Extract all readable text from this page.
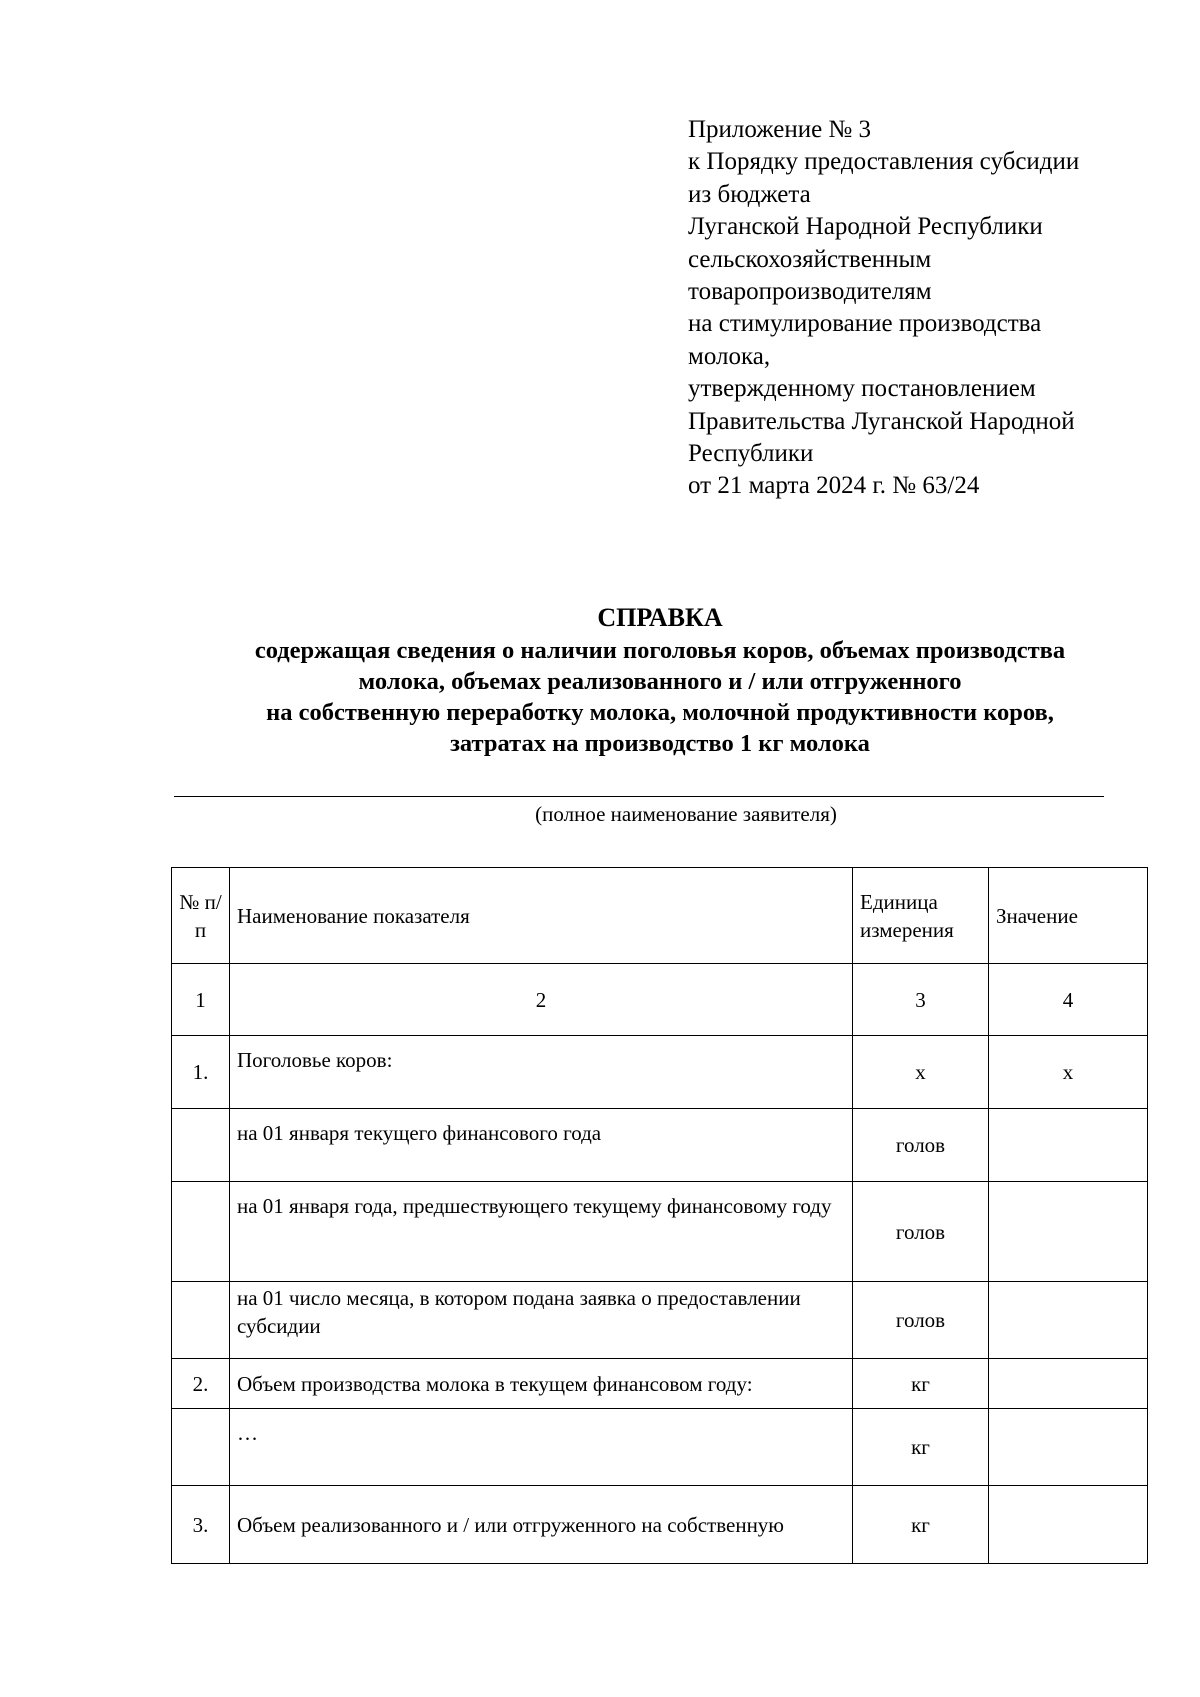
Приложение № 3
к Порядку предоставления субсидии
из бюджета
Луганской Народной Республики
сельскохозяйственным
товаропроизводителям
на стимулирование производства
молока,
утвержденному постановлением
Правительства Луганской Народной
Республики
от 21 марта 2024 г. № 63/24
СПРАВКА
содержащая сведения о наличии поголовья коров, объемах производства
молока, объемах реализованного и / или отгруженного
на собственную переработку молока, молочной продуктивности коров,
затратах на производство 1 кг молока
(полное наименование заявителя)
№ п/п	Наименование показателя	Единица измерения	Значение
1	2	3	4
1.	Поголовье коров:	х	х
	на 01 января текущего финансового года	голов	
	на 01 января года, предшествующего текущему финансовому году	голов	
	на 01 число месяца, в котором подана заявка о предоставлении субсидии	голов	
2.	Объем производства молока в текущем финансовом году:	кг	
	…	кг	
3.	Объем реализованного и / или отгруженного на собственную	кг	
